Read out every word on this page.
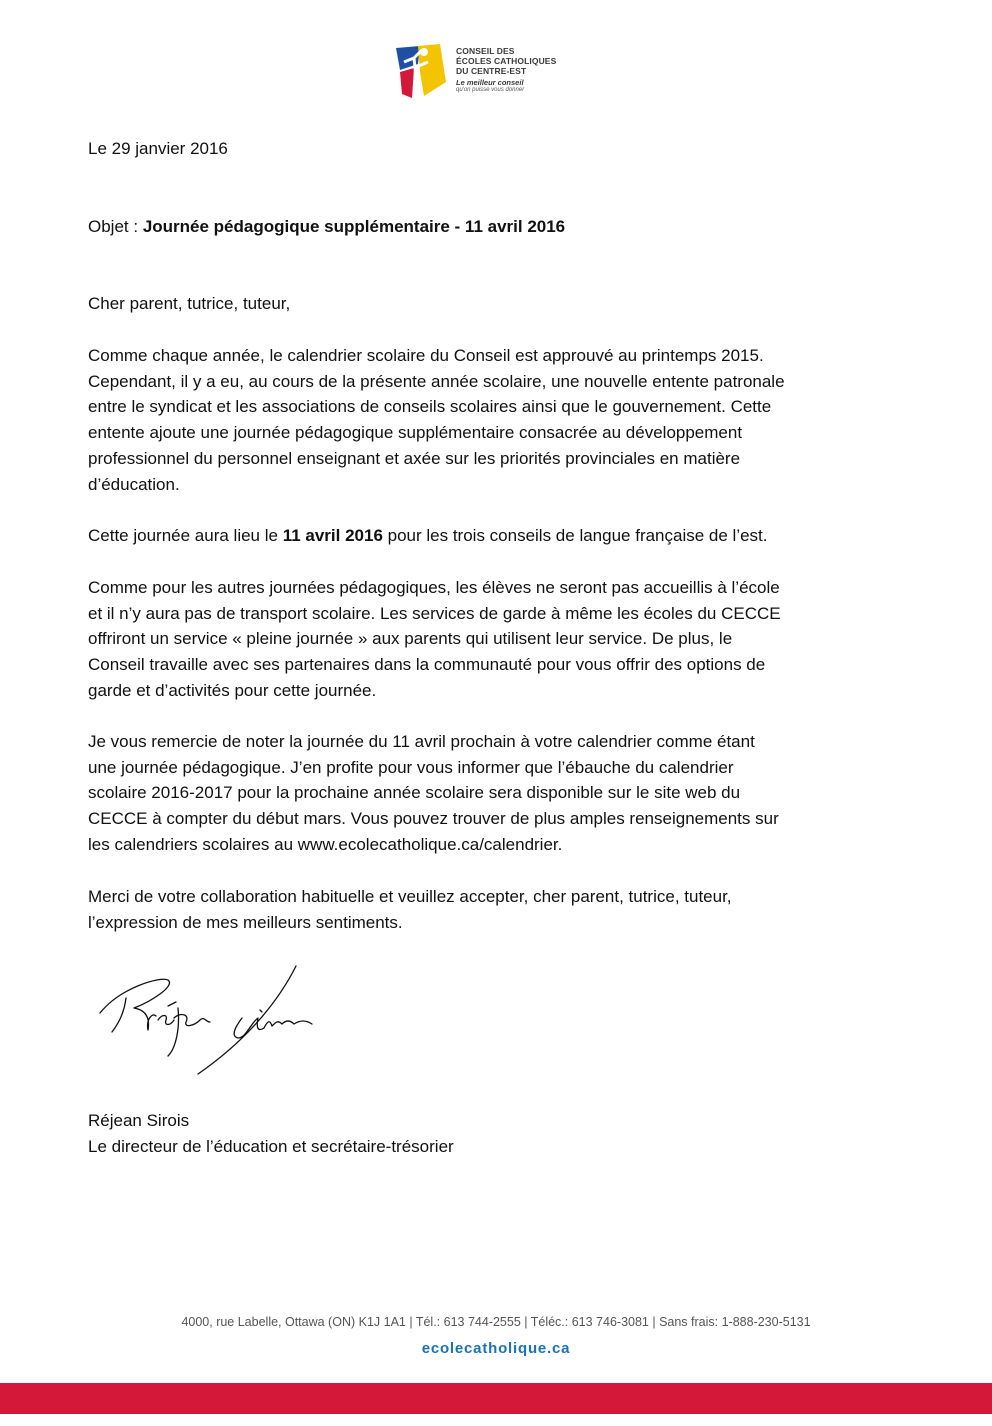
CONSEIL DES
ÉCOLES CATHOLIQUES
DU CENTRE-EST
Le meilleur conseil
qu'on puisse vous donner

Le 29 janvier 2016

Objet : Journée pédagogique supplémentaire - 11 avril 2016

Cher parent, tutrice, tuteur,

Comme chaque année, le calendrier scolaire du Conseil est approuvé au printemps 2015.
Cependant, il y a eu, au cours de la présente année scolaire, une nouvelle entente patronale
entre le syndicat et les associations de conseils scolaires ainsi que le gouvernement. Cette
entente ajoute une journée pédagogique supplémentaire consacrée au développement
professionnel du personnel enseignant et axée sur les priorités provinciales en matière
d’éducation.

Cette journée aura lieu le 11 avril 2016 pour les trois conseils de langue française de l’est.

Comme pour les autres journées pédagogiques, les élèves ne seront pas accueillis à l’école
et il n’y aura pas de transport scolaire. Les services de garde à même les écoles du CECCE
offriront un service « pleine journée » aux parents qui utilisent leur service. De plus, le
Conseil travaille avec ses partenaires dans la communauté pour vous offrir des options de
garde et d’activités pour cette journée.

Je vous remercie de noter la journée du 11 avril prochain à votre calendrier comme étant
une journée pédagogique. J’en profite pour vous informer que l’ébauche du calendrier
scolaire 2016-2017 pour la prochaine année scolaire sera disponible sur le site web du
CECCE à compter du début mars. Vous pouvez trouver de plus amples renseignements sur
les calendriers scolaires au www.ecolecatholique.ca/calendrier.

Merci de votre collaboration habituelle et veuillez accepter, cher parent, tutrice, tuteur,
l’expression de mes meilleurs sentiments.

Réjean Sirois
Le directeur de l’éducation et secrétaire-trésorier

4000, rue Labelle, Ottawa (ON) K1J 1A1 | Tél.: 613 744-2555 | Téléc.: 613 746-3081 | Sans frais: 1-888-230-5131
ecolecatholique.ca
